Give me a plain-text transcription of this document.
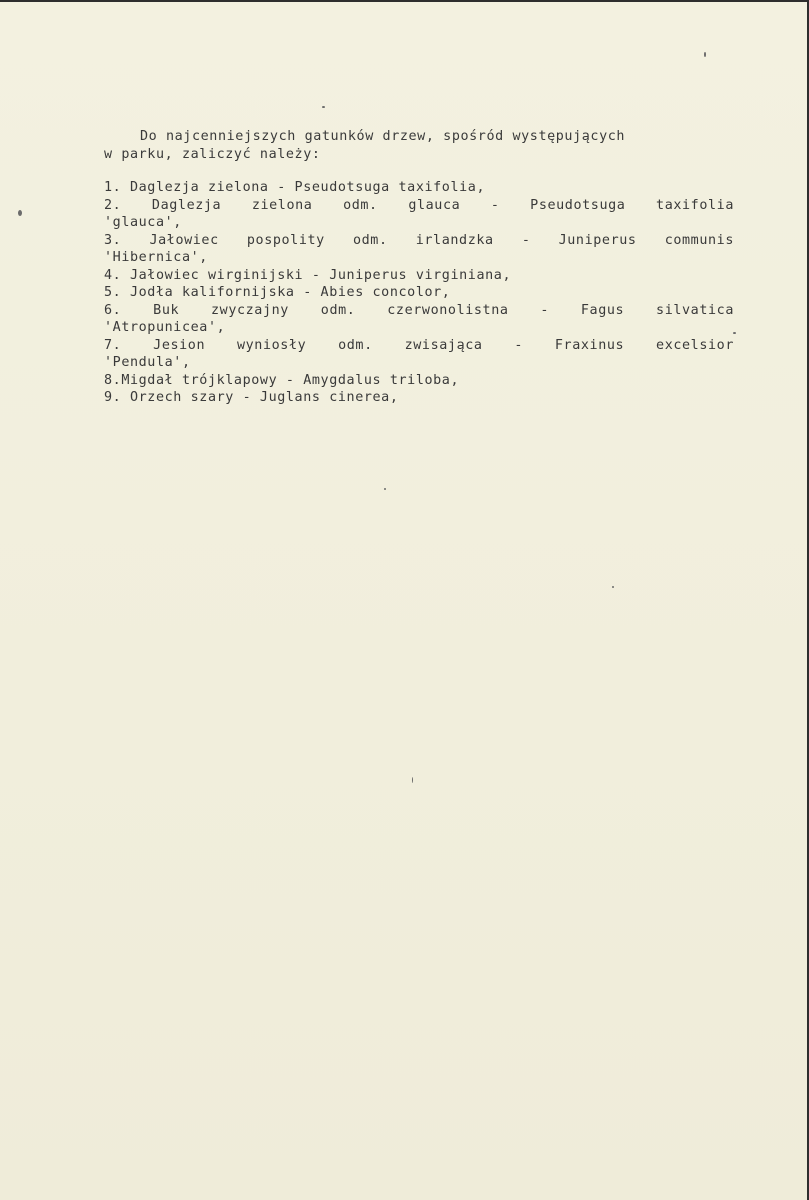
Do najcenniejszych gatunków drzew, spośród występujących
w parku, zaliczyć należy:

1. Daglezja zielona - Pseudotsuga taxifolia,
2. Daglezja zielona odm. glauca - Pseudotsuga taxifolia
'glauca',
3. Jałowiec pospolity odm. irlandzka - Juniperus communis
'Hibernica',
4. Jałowiec wirginijski - Juniperus virginiana,
5. Jodła kalifornijska - Abies concolor,
6. Buk zwyczajny odm. czerwonolistna - Fagus silvatica
'Atropunicea',
7. Jesion wyniosły odm. zwisająca - Fraxinus excelsior
'Pendula',
8.Migdał trójklapowy - Amygdalus triloba,
9. Orzech szary - Juglans cinerea,
